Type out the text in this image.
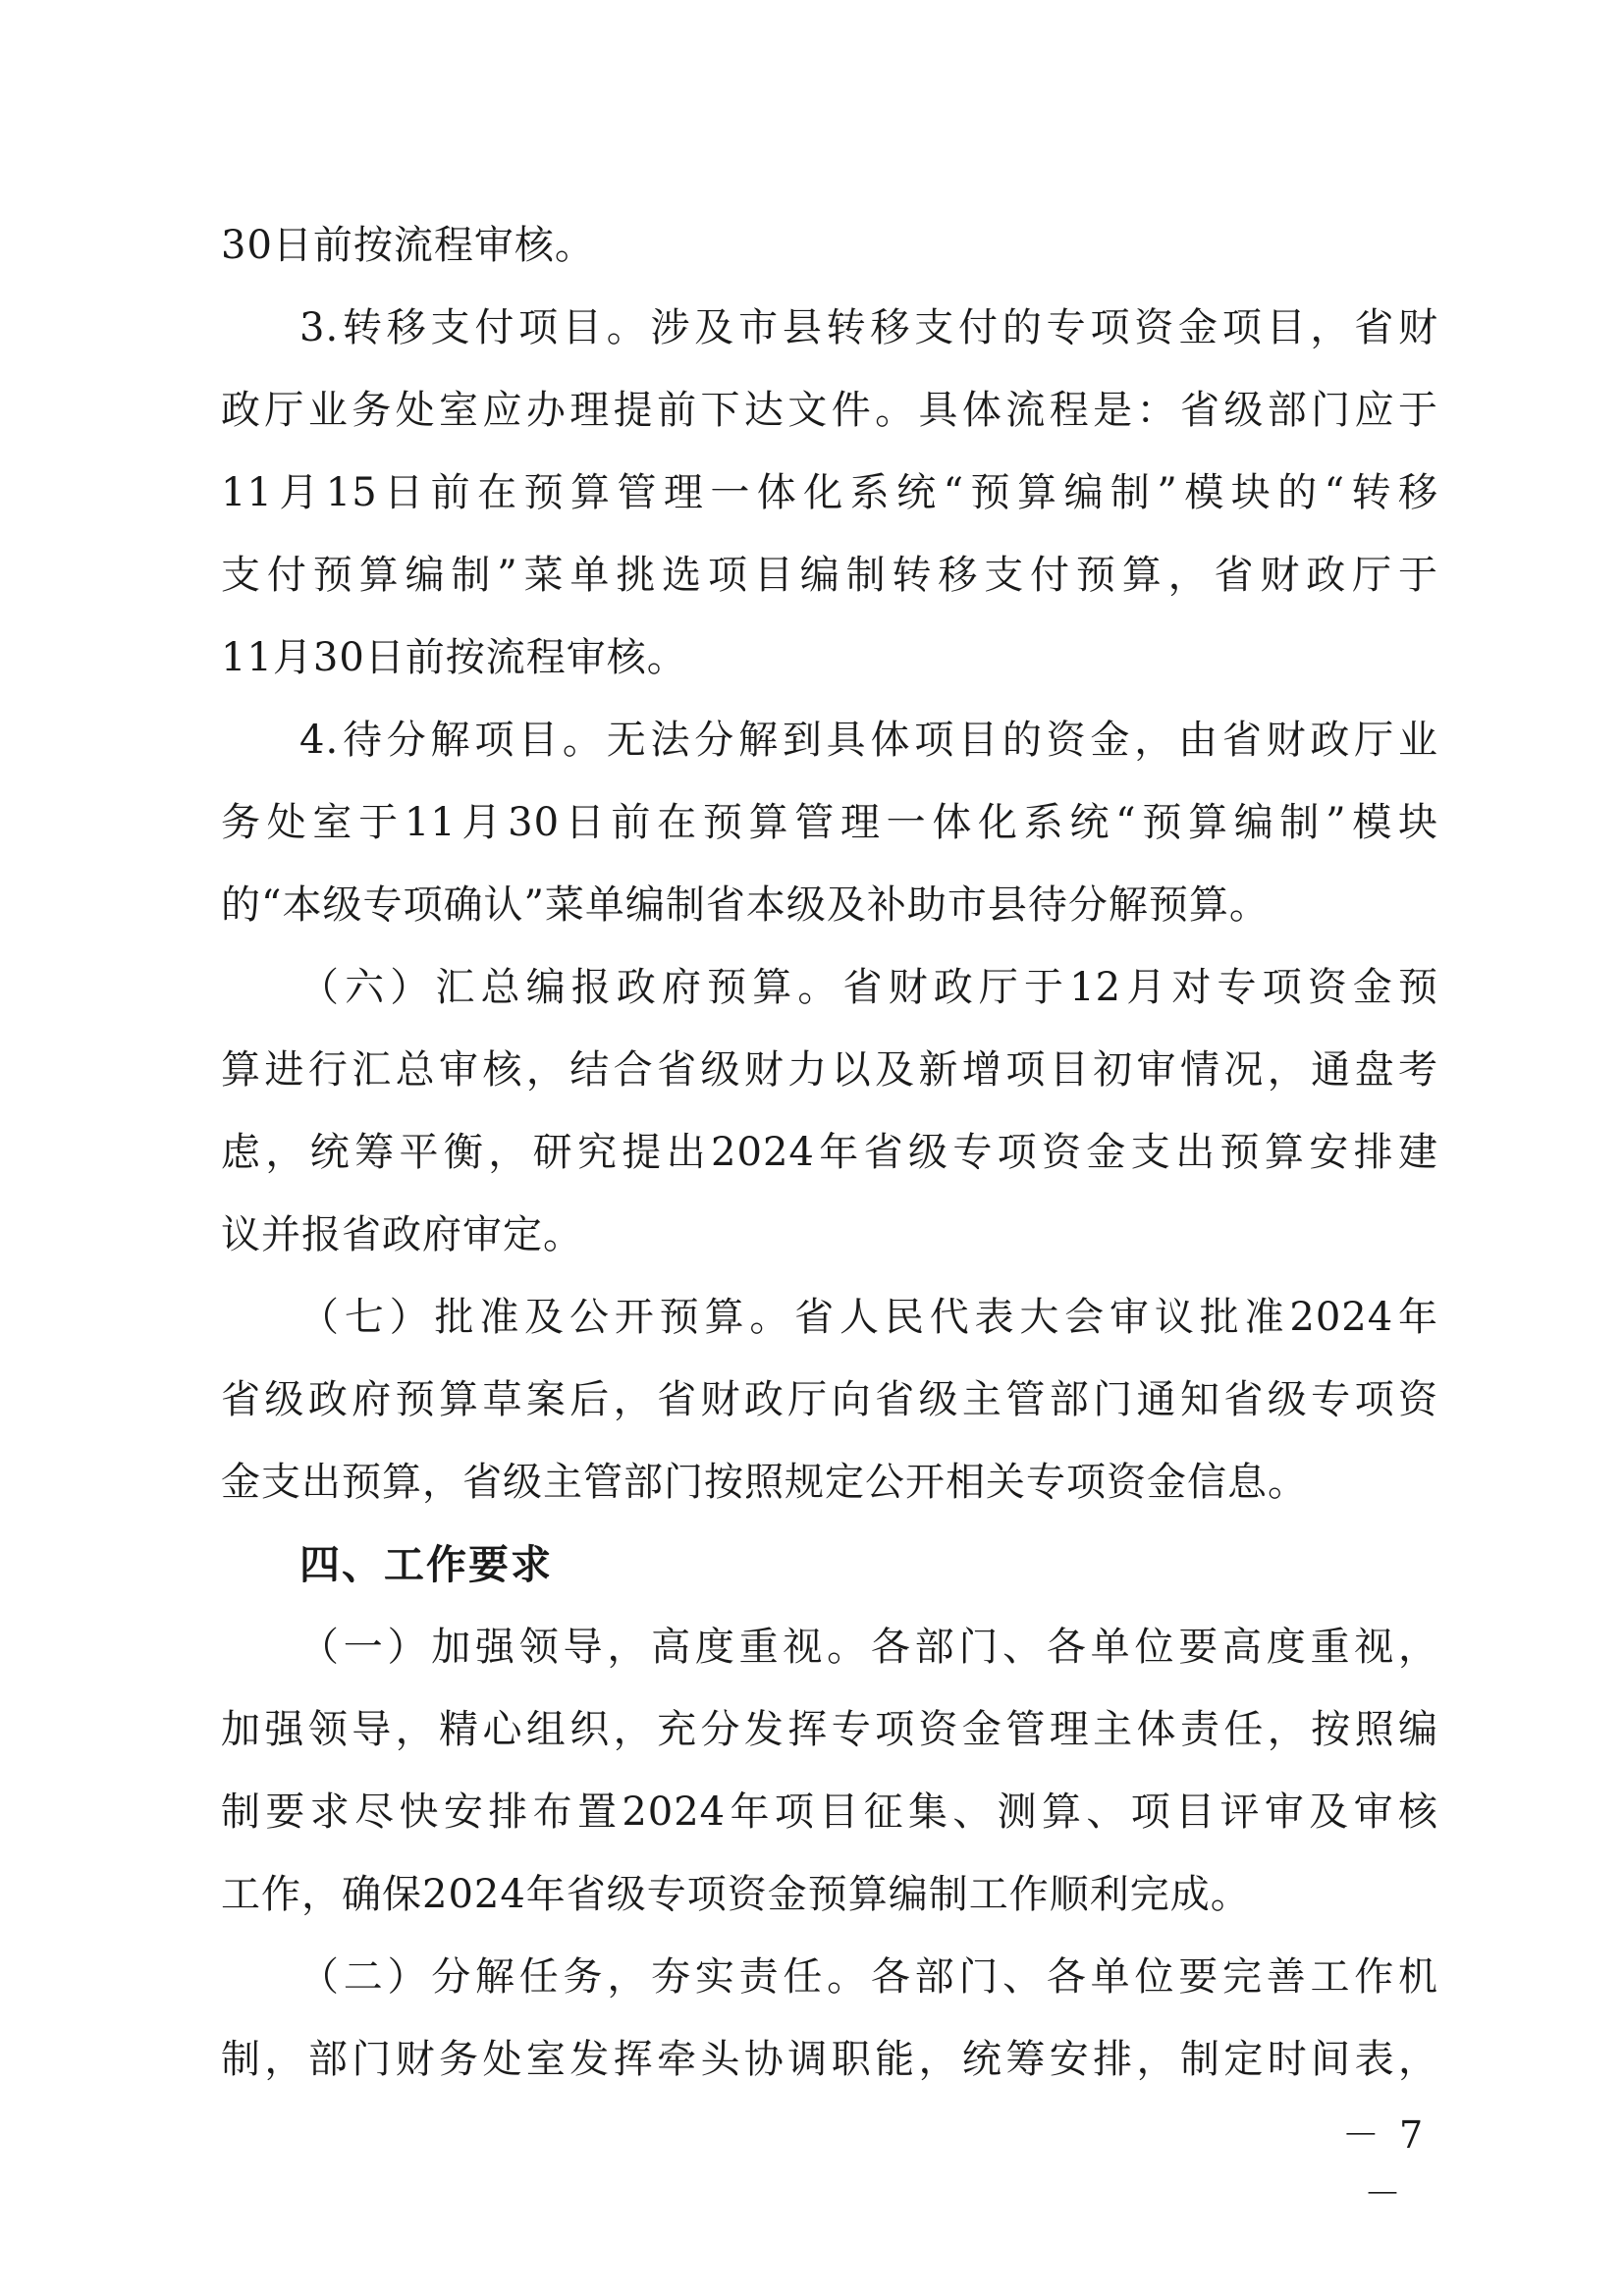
30日前按流程审核。
3.转移支付项目。涉及市县转移支付的专项资金项目，省财
政厅业务处室应办理提前下达文件。具体流程是：省级部门应于
11月15日前在预算管理一体化系统“预算编制”模块的“转移
支付预算编制”菜单挑选项目编制转移支付预算，省财政厅于
11月30日前按流程审核。
4.待分解项目。无法分解到具体项目的资金，由省财政厅业
务处室于11月30日前在预算管理一体化系统“预算编制”模块
的“本级专项确认”菜单编制省本级及补助市县待分解预算。
（六）汇总编报政府预算。省财政厅于12月对专项资金预
算进行汇总审核，结合省级财力以及新增项目初审情况，通盘考
虑，统筹平衡，研究提出2024年省级专项资金支出预算安排建
议并报省政府审定。
（七）批准及公开预算。省人民代表大会审议批准2024年
省级政府预算草案后，省财政厅向省级主管部门通知省级专项资
金支出预算，省级主管部门按照规定公开相关专项资金信息。
四、工作要求
（一）加强领导，高度重视。各部门、各单位要高度重视，
加强领导，精心组织，充分发挥专项资金管理主体责任，按照编
制要求尽快安排布置2024年项目征集、测算、项目评审及审核
工作，确保2024年省级专项资金预算编制工作顺利完成。
（二）分解任务，夯实责任。各部门、各单位要完善工作机
制，部门财务处室发挥牵头协调职能，统筹安排，制定时间表，
－ 7 －
